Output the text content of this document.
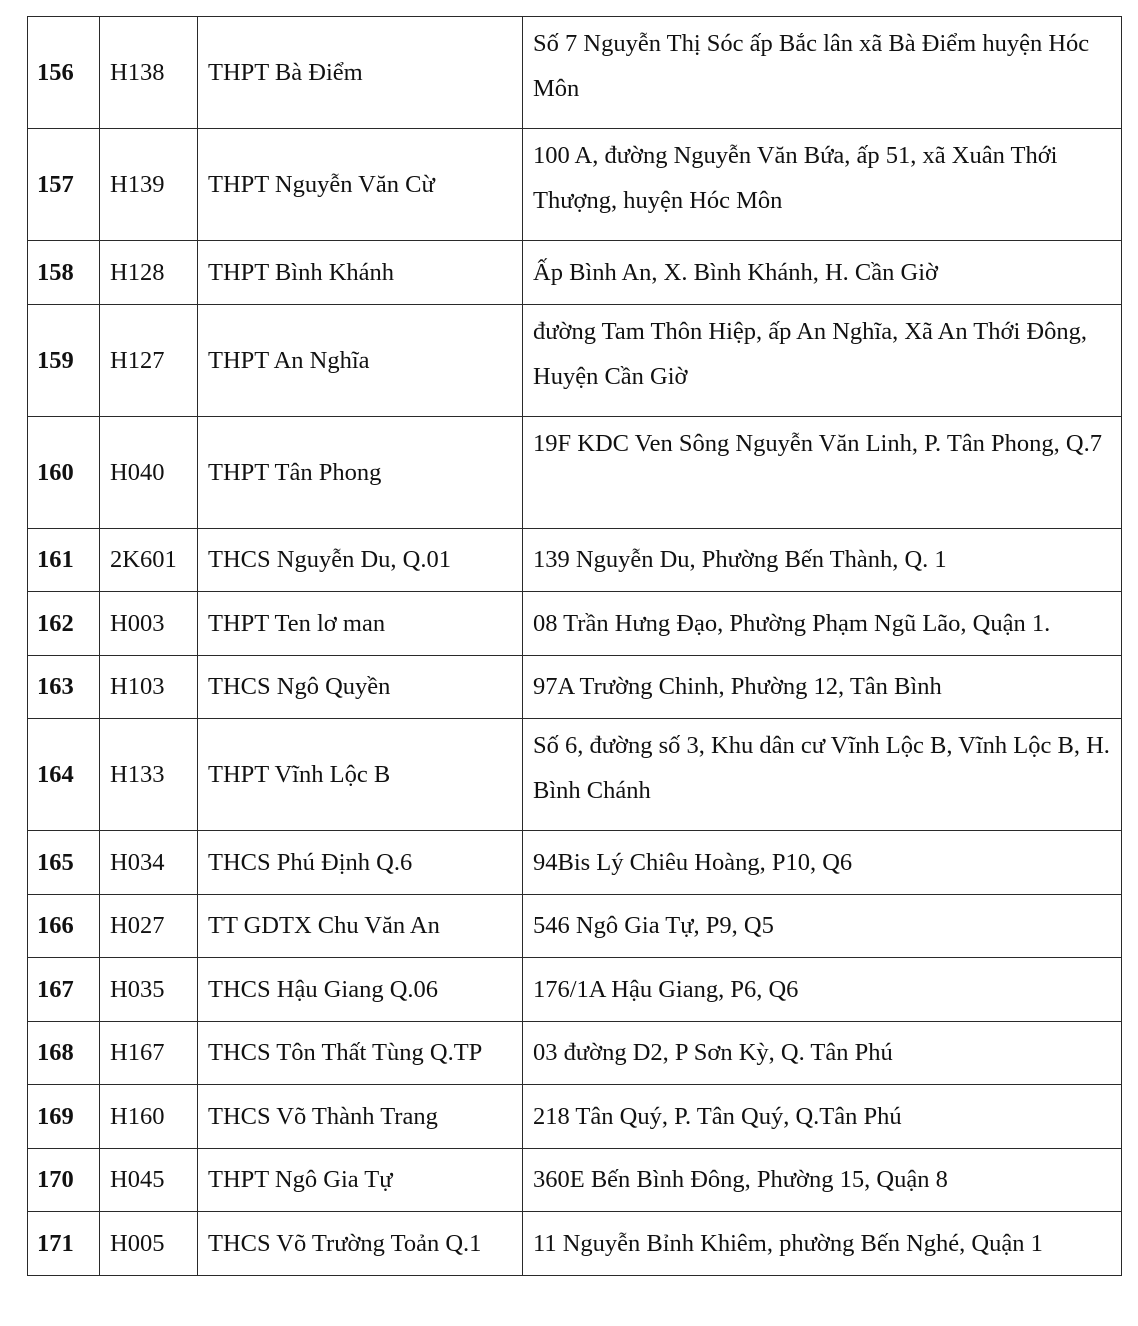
156	H138	THPT Bà Điểm	Số 7 Nguyễn Thị Sóc ấp Bắc lân xã Bà Điểm huyện Hóc Môn
157	H139	THPT Nguyễn Văn Cừ	100 A, đường Nguyễn Văn Bứa, ấp 51, xã Xuân Thới Thượng, huyện Hóc Môn
158	H128	THPT Bình Khánh	Ấp Bình An, X. Bình Khánh, H. Cần Giờ
159	H127	THPT An Nghĩa	đường Tam Thôn Hiệp, ấp An Nghĩa, Xã An Thới Đông, Huyện Cần Giờ
160	H040	THPT Tân Phong	19F KDC Ven Sông Nguyễn Văn Linh, P. Tân Phong, Q.7
161	2K601	THCS Nguyễn Du, Q.01	139 Nguyễn Du, Phường Bến Thành, Q. 1
162	H003	THPT Ten lơ man	08 Trần Hưng Đạo, Phường Phạm Ngũ Lão, Quận 1.
163	H103	THCS Ngô Quyền	97A Trường Chinh, Phường 12, Tân Bình
164	H133	THPT Vĩnh Lộc B	Số 6, đường số 3, Khu dân cư Vĩnh Lộc B, Vĩnh Lộc B, H. Bình Chánh
165	H034	THCS Phú Định Q.6	94Bis Lý Chiêu Hoàng, P10, Q6
166	H027	TT GDTX Chu Văn An	546 Ngô Gia Tự, P9, Q5
167	H035	THCS Hậu Giang Q.06	176/1A Hậu Giang, P6, Q6
168	H167	THCS Tôn Thất Tùng Q.TP	03 đường D2, P Sơn Kỳ, Q. Tân Phú
169	H160	THCS Võ Thành Trang	218 Tân Quý, P. Tân Quý, Q.Tân Phú
170	H045	THPT Ngô Gia Tự	360E Bến Bình Đông, Phường 15, Quận 8
171	H005	THCS Võ Trường Toản Q.1	11 Nguyễn Bỉnh Khiêm, phường Bến Nghé, Quận 1
